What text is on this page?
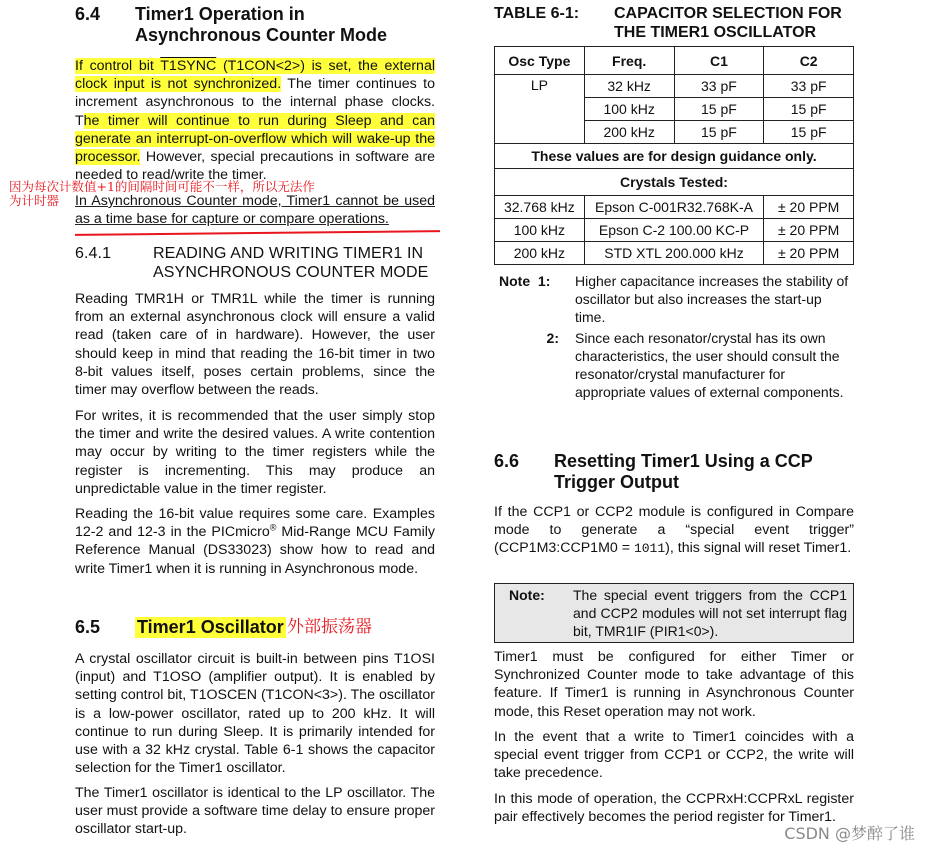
6.4	Timer1 Operation in
Asynchronous Counter Mode

If control bit T1SYNC (T1CON<2>) is set, the external clock input is not synchronized. The timer continues to increment asynchronous to the internal phase clocks. The timer will continue to run during Sleep and can generate an interrupt-on-overflow which will wake-up the processor. However, special precautions in software are needed to read/write the timer.

In Asynchronous Counter mode, Timer1 cannot be used as a time base for capture or compare operations.

6.4.1	READING AND WRITING TIMER1 IN
ASYNCHRONOUS COUNTER MODE

Reading TMR1H or TMR1L while the timer is running from an external asynchronous clock will ensure a valid read (taken care of in hardware). However, the user should keep in mind that reading the 16-bit timer in two 8-bit values itself, poses certain problems, since the timer may overflow between the reads.

For writes, it is recommended that the user simply stop the timer and write the desired values. A write contention may occur by writing to the timer registers while the register is incrementing. This may produce an unpredictable value in the timer register.

Reading the 16-bit value requires some care. Examples 12-2 and 12-3 in the PICmicro® Mid-Range MCU Family Reference Manual (DS33023) show how to read and write Timer1 when it is running in Asynchronous mode.

6.5	Timer1 Oscillator

A crystal oscillator circuit is built-in between pins T1OSI (input) and T1OSO (amplifier output). It is enabled by setting control bit, T1OSCEN (T1CON<3>). The oscillator is a low-power oscillator, rated up to 200 kHz. It will continue to run during Sleep. It is primarily intended for use with a 32 kHz crystal. Table 6-1 shows the capacitor selection for the Timer1 oscillator.

The Timer1 oscillator is identical to the LP oscillator. The user must provide a software time delay to ensure proper oscillator start-up.

因为每次计数值+1的间隔时间可能不一样，所以无法作
为计时器
外部振荡器
TABLE 6-1:	CAPACITOR SELECTION FOR
THE TIMER1 OSCILLATOR
Osc Type	Freq.	C1	C2
LP	32 kHz	33 pF	33 pF
	100 kHz	15 pF	15 pF
	200 kHz	15 pF	15 pF
These values are for design guidance only.			
Crystals Tested:			
32.768 kHz	Epson C-001R32.768K-A		± 20 PPM
100 kHz	Epson C-2 100.00 KC-P		± 20 PPM
200 kHz	STD XTL 200.000 kHz		± 20 PPM
Note 1:	Higher capacitance increases the stability of oscillator but also increases the start-up time.
2:	Since each resonator/crystal has its own characteristics, the user should consult the resonator/crystal manufacturer for appropriate values of external components.
6.6	Resetting Timer1 Using a CCP
Trigger Output

If the CCP1 or CCP2 module is configured in Compare mode to generate a “special event trigger” (CCP1M3:CCP1M0 = 1011), this signal will reset Timer1.

Note:	The special event triggers from the CCP1 and CCP2 modules will not set interrupt flag bit, TMR1IF (PIR1<0>).

Timer1 must be configured for either Timer or Synchronized Counter mode to take advantage of this feature. If Timer1 is running in Asynchronous Counter mode, this Reset operation may not work.

In the event that a write to Timer1 coincides with a special event trigger from CCP1 or CCP2, the write will take precedence.

In this mode of operation, the CCPRxH:CCPRxL register pair effectively becomes the period register for Timer1.

CSDN @梦醉了谁
